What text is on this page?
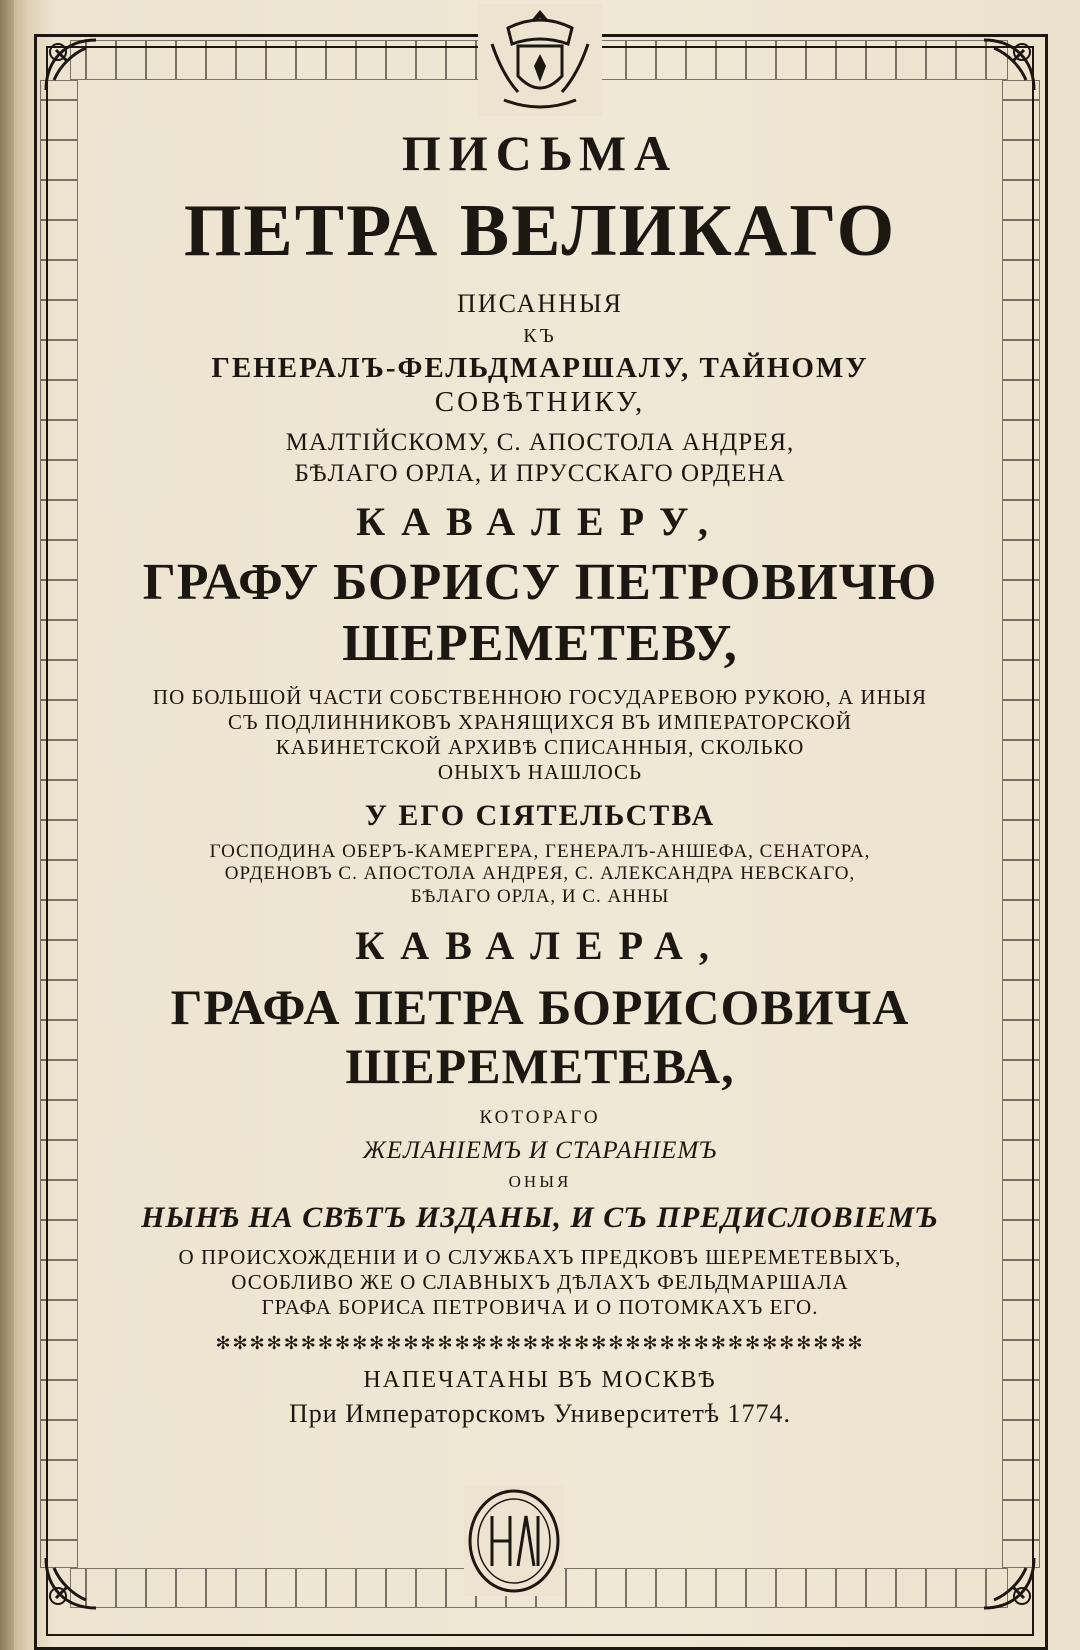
ПИСЬМА
ПЕТРА ВЕЛИКАГО
ПИСАННЫЯ
КЪ
ГЕНЕРАЛЪ-ФЕЛЬДМАРШАЛУ, ТАЙНОМУ
СОВѢТНИКУ,
МАЛТІЙСКОМУ, С. АПОСТОЛА АНДРЕЯ,
БѢЛАГО ОРЛА, И ПРУССКАГО ОРДЕНА
КАВАЛЕРУ,
ГРАФУ БОРИСУ ПЕТРОВИЧЮ
ШЕРЕМЕТЕВУ,
ПО БОЛЬШОЙ ЧАСТИ СОБСТВЕННОЮ ГОСУДАРЕВОЮ РУКОЮ, А ИНЫЯ
СЪ ПОДЛИННИКОВЪ ХРАНЯЩИХСЯ ВЪ ИМПЕРАТОРСКОЙ
КАБИНЕТСКОЙ АРХИВѢ СПИСАННЫЯ, СКОЛЬКО
ОНЫХЪ НАШЛОСЬ
У ЕГО СІЯТЕЛЬСТВА
ГОСПОДИНА ОБЕРЪ-КАМЕРГЕРА, ГЕНЕРАЛЪ-АНШЕФА, СЕНАТОРА,
ОРДЕНОВЪ С. АПОСТОЛА АНДРЕЯ, С. АЛЕКСАНДРА НЕВСКАГО,
БѢЛАГО ОРЛА, И С. АННЫ
КАВАЛЕРА,
ГРАФА ПЕТРА БОРИСОВИЧА
ШЕРЕМЕТЕВА,
КОТОРАГО
ЖЕЛАНІЕМЪ И СТАРАНІЕМЪ
ОНЫЯ
НЫНѢ НА СВѢТЪ ИЗДАНЫ, И СЪ ПРЕДИСЛОВІЕМЪ
О ПРОИСХОЖДЕНІИ И О СЛУЖБАХЪ ПРЕДКОВЪ ШЕРЕМЕТЕВЫХЪ,
ОСОБЛИВО ЖЕ О СЛАВНЫХЪ ДѢЛАХЪ ФЕЛЬДМАРШАЛА
ГРАФА БОРИСА ПЕТРОВИЧА И О ПОТОМКАХЪ ЕГО.
✻✻✻✻✻✻✻✻✻✻✻✻✻✻✻✻✻✻✻✻✻✻✻✻✻✻✻✻✻✻✻✻✻✻✻✻✻✻
НАПЕЧАТАНЫ ВЪ МОСКВѢ
При Императорскомъ Университетѣ 1774.
